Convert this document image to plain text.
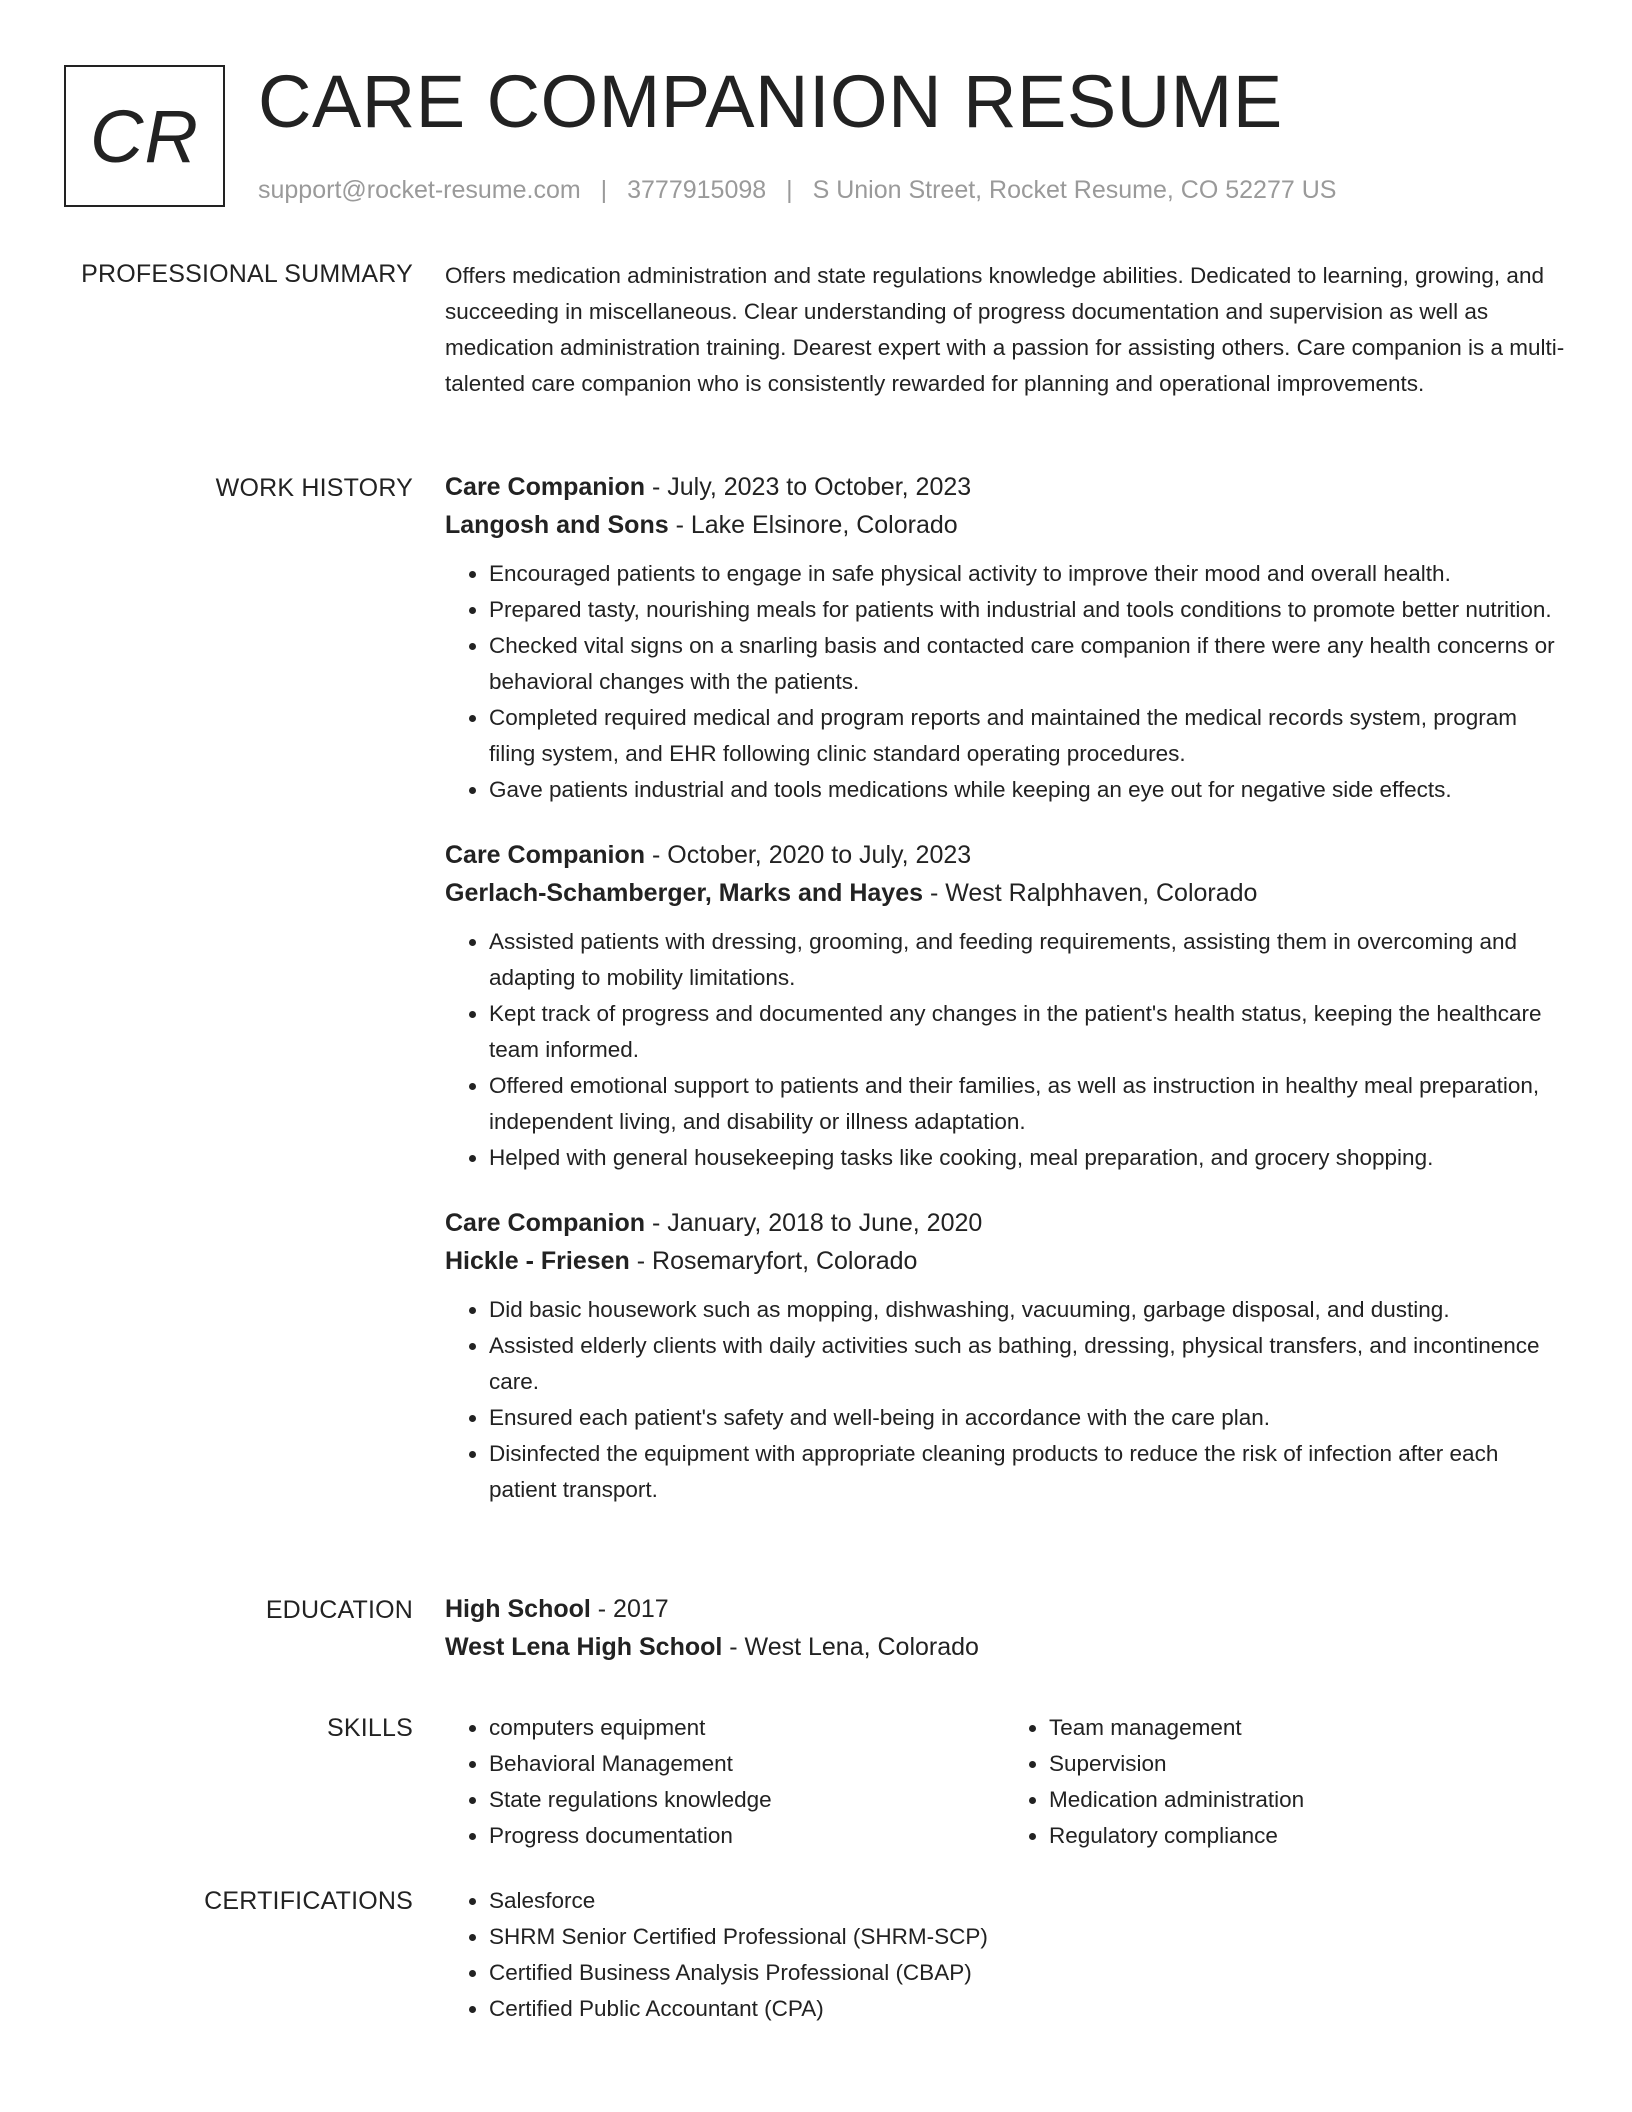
CR CARE COMPANION RESUME
support@rocket-resume.com | 3777915098 | S Union Street, Rocket Resume, CO 52277 US
PROFESSIONAL SUMMARY Offers medication administration and state regulations knowledge abilities. Dedicated to learning, growing, and succeeding in miscellaneous. Clear understanding of progress documentation and supervision as well as medication administration training. Dearest expert with a passion for assisting others. Care companion is a multi-talented care companion who is consistently rewarded for planning and operational improvements.

WORK HISTORY Care Companion - July, 2023 to October, 2023
Langosh and Sons - Lake Elsinore, Colorado
• Encouraged patients to engage in safe physical activity to improve their mood and overall health.
• Prepared tasty, nourishing meals for patients with industrial and tools conditions to promote better nutrition.
• Checked vital signs on a snarling basis and contacted care companion if there were any health concerns or behavioral changes with the patients.
• Completed required medical and program reports and maintained the medical records system, program filing system, and EHR following clinic standard operating procedures.
• Gave patients industrial and tools medications while keeping an eye out for negative side effects.
Care Companion - October, 2020 to July, 2023
Gerlach-Schamberger, Marks and Hayes - West Ralphhaven, Colorado
• Assisted patients with dressing, grooming, and feeding requirements, assisting them in overcoming and adapting to mobility limitations.
• Kept track of progress and documented any changes in the patient's health status, keeping the healthcare team informed.
• Offered emotional support to patients and their families, as well as instruction in healthy meal preparation, independent living, and disability or illness adaptation.
• Helped with general housekeeping tasks like cooking, meal preparation, and grocery shopping.
Care Companion - January, 2018 to June, 2020
Hickle - Friesen - Rosemaryfort, Colorado
• Did basic housework such as mopping, dishwashing, vacuuming, garbage disposal, and dusting.
• Assisted elderly clients with daily activities such as bathing, dressing, physical transfers, and incontinence care.
• Ensured each patient's safety and well-being in accordance with the care plan.
• Disinfected the equipment with appropriate cleaning products to reduce the risk of infection after each patient transport.
EDUCATION High School - 2017
West Lena High School - West Lena, Colorado
SKILLS	• computers equipment
• Behavioral Management
• State regulations knowledge
• Progress documentation
• Team management
• Supervision
• Medication administration
• Regulatory compliance
CERTIFICATIONS	• Salesforce
• SHRM Senior Certified Professional (SHRM-SCP)
• Certified Business Analysis Professional (CBAP)
• Certified Public Accountant (CPA)
